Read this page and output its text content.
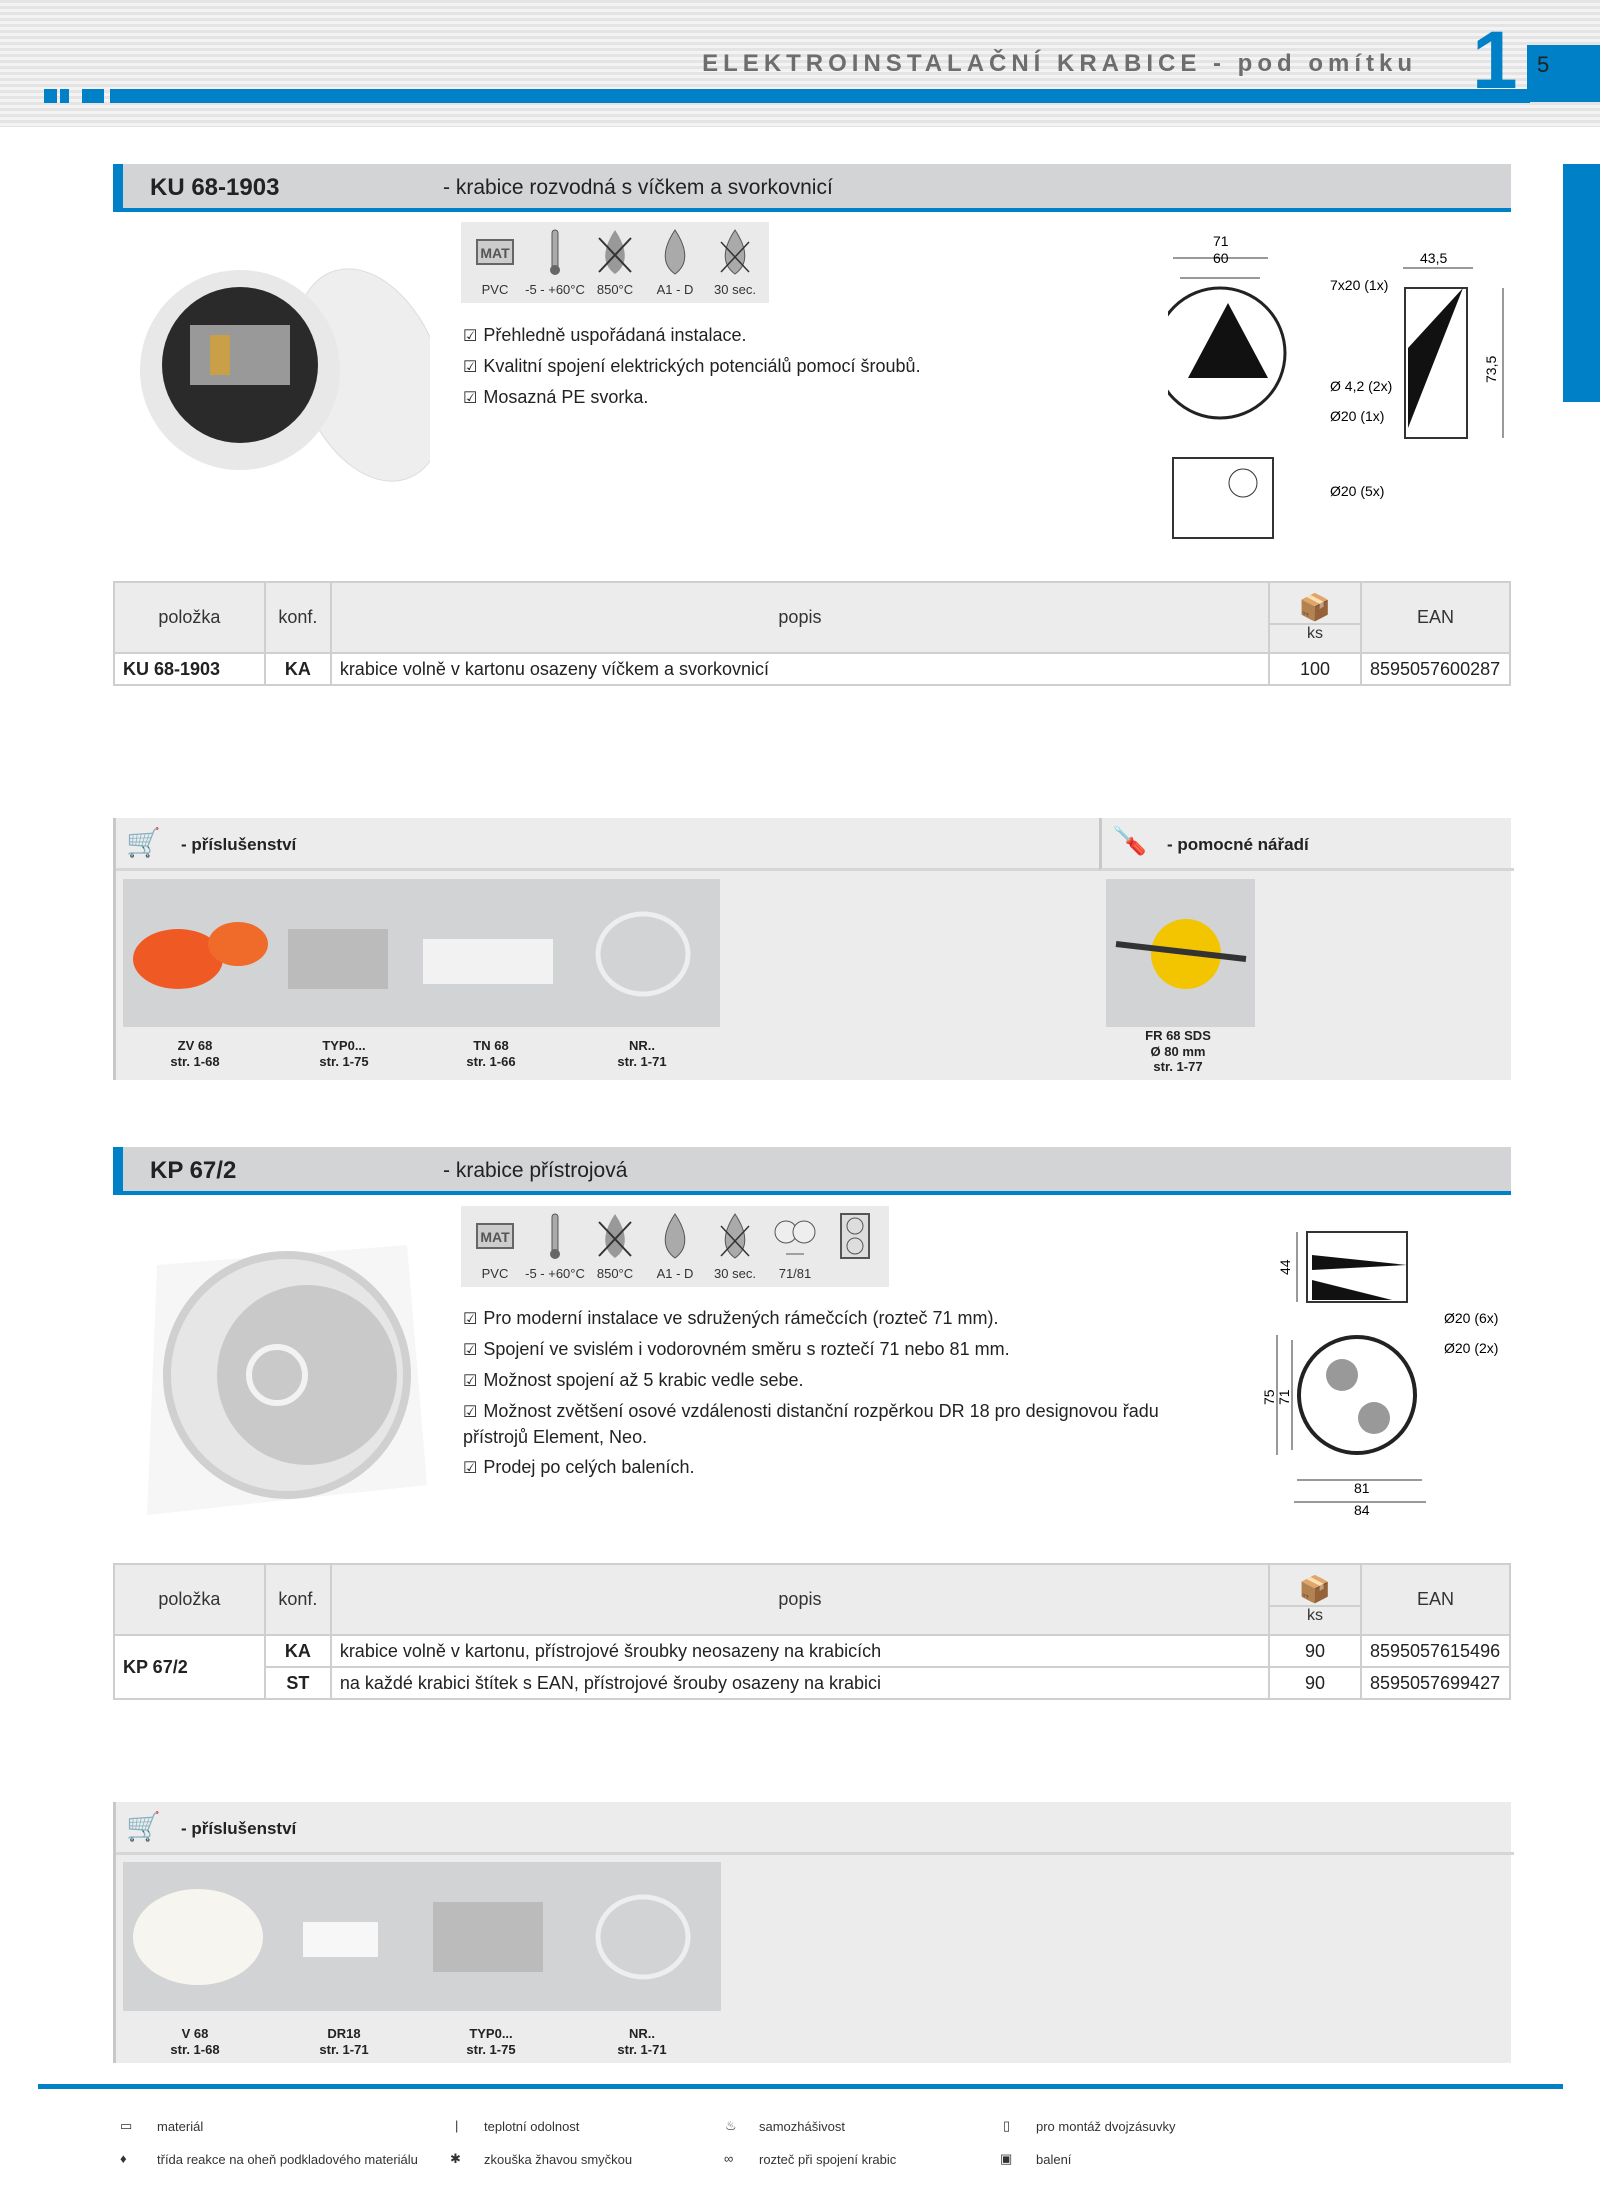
ELEKTROINSTALAČNÍ KRABICE - pod omítku 1 5
KU 68-1903	- krabice rozvodná s víčkem a svorkovnicí
MAT
PVC -5 - +60°C 850°C A1 - D 30 sec.
☑ Přehledně uspořádaná instalace.
☑ Kvalitní spojení elektrických potenciálů pomocí šroubů.
☑ Mosazná PE svorka.
71
60	43,5
73,5
7x20 (1x)
Ø 4,2 (2x)
Ø20 (1x)
Ø20 (5x)
položka	konf.	popis	📦
ks	EAN
KU 68-1903	KA	krabice volně v kartonu osazeny víčkem a svorkovnicí	100	8595057600287
🛒 - příslušenství	🪛 - pomocné nářadí
ZV 68
str. 1-68
TYP0...
str. 1-75
TN 68
str. 1-66
NR..
str. 1-71
FR 68 SDS
Ø 80 mm
str. 1-77
KP 67/2	- krabice přístrojová
MAT
PVC -5 - +60°C 850°C A1 - D 30 sec. 71/81
☑ Pro moderní instalace ve sdružených rámečcích (rozteč 71 mm).
☑ Spojení ve svislém i vodorovném směru s roztečí 71 nebo 81 mm.
☑ Možnost spojení až 5 krabic vedle sebe.
☑ Možnost zvětšení osové vzdálenosti distanční rozpěrkou DR 18 pro designovou řadu přístrojů Element, Neo.
☑ Prodej po celých baleních.
44
Ø20 (6x)
Ø20 (2x)
75 71
81
84
položka	konf.	popis	📦
ks	EAN
KP 67/2	KA	krabice volně v kartonu, přístrojové šroubky neosazeny na krabicích	90	8595057615496
	ST	na každé krabici štítek s EAN, přístrojové šrouby osazeny na krabici	90	8595057699427
🛒 - příslušenství
V 68
str. 1-68
DR18
str. 1-71
TYP0...
str. 1-75
NR..
str. 1-71
▭ materiál
♦ třída reakce na oheň podkladového materiálu
| teplotní odolnost
✱ zkouška žhavou smyčkou
♨ samozhášivost
∞ rozteč při spojení krabic
▯ pro montáž dvojzásuvky
▣ balení
